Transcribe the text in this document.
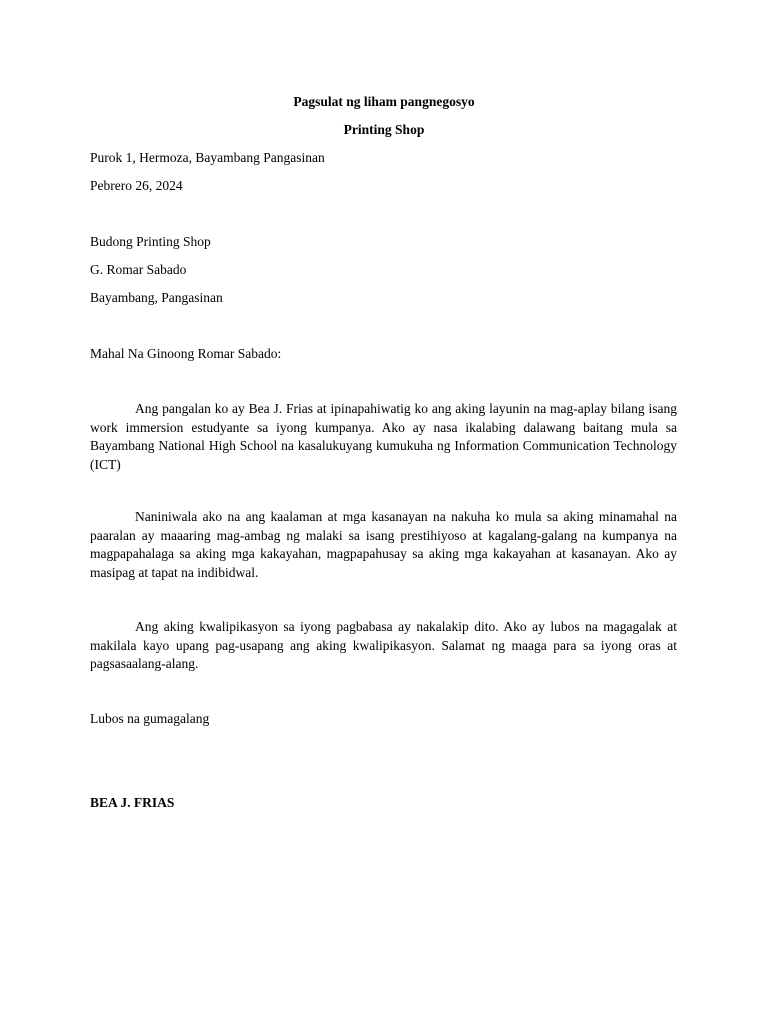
Pagsulat ng liham pangnegosyo
Printing Shop
Purok 1, Hermoza, Bayambang Pangasinan
Pebrero 26, 2024
Budong Printing Shop
G. Romar Sabado
Bayambang, Pangasinan
Mahal Na Ginoong Romar Sabado:

Ang pangalan ko ay Bea J. Frias at ipinapahiwatig ko ang aking layunin na mag-aplay bilang isang work immersion estudyante sa iyong kumpanya. Ako ay nasa ikalabing dalawang baitang mula sa Bayambang National High School na kasalukuyang kumukuha ng Information Communication Technology (ICT)

Naniniwala ako na ang kaalaman at mga kasanayan na nakuha ko mula sa aking minamahal na paaralan ay maaaring mag-ambag ng malaki sa isang prestihiyoso at kagalang-galang na kumpanya na magpapahalaga sa aking mga kakayahan, magpapahusay sa aking mga kakayahan at kasanayan. Ako ay masipag at tapat na indibidwal.

Ang aking kwalipikasyon sa iyong pagbabasa ay nakalakip dito. Ako ay lubos na magagalak at makilala kayo upang pag-usapang ang aking kwalipikasyon. Salamat ng maaga para sa iyong oras at pagsasaalang-alang.

Lubos na gumagalang
BEA J. FRIAS
